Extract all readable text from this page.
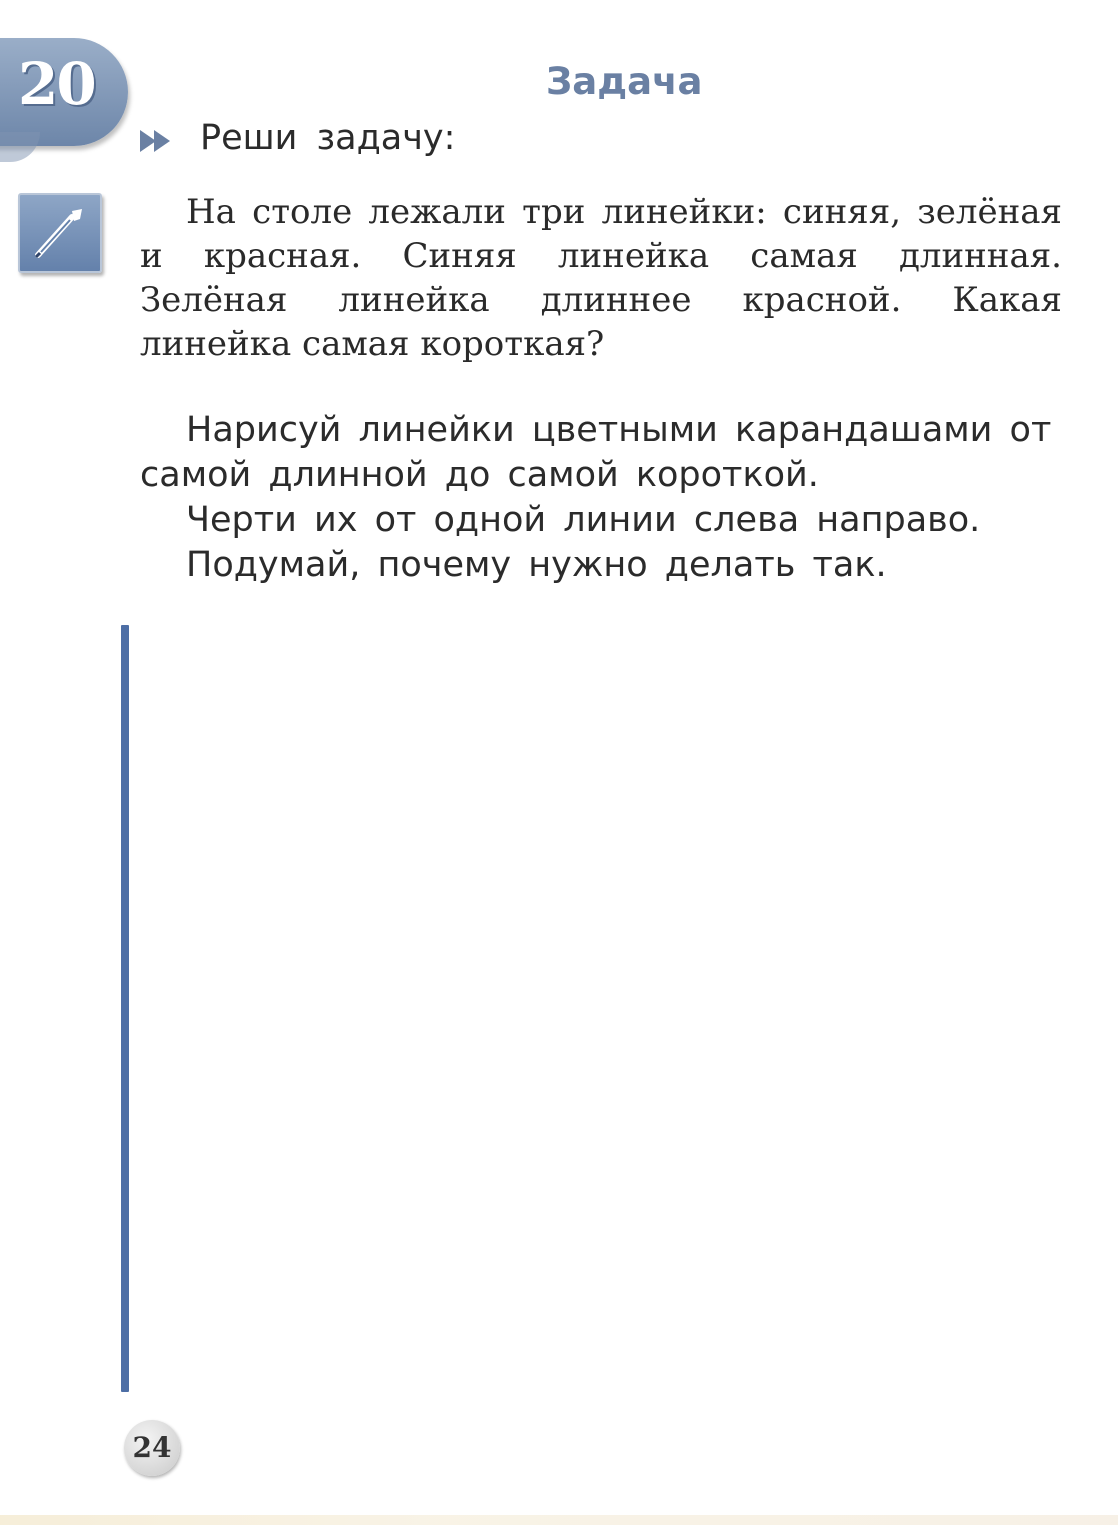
20	Задача
Реши задачу:

На столе лежали три линейки: синяя, зелёная и красная. Синяя линейка самая длинная. Зелёная линейка длиннее красной. Какая линейка самая короткая?

Нарисуй линейки цветными карандашами от самой длинной до самой короткой.

Черти их от одной линии слева направо.

Подумай, почему нужно делать так.

24
